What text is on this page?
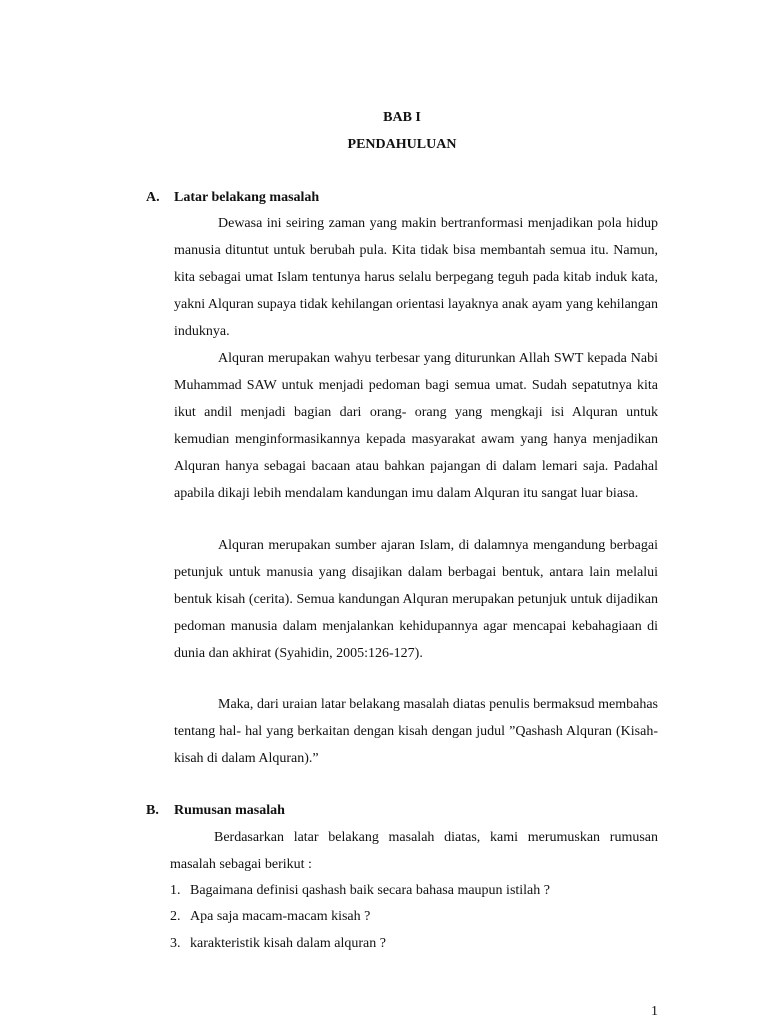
BAB I
PENDAHULUAN
A. Latar belakang masalah

Dewasa ini seiring zaman yang makin bertranformasi menjadikan pola hidup manusia dituntut untuk berubah pula. Kita tidak bisa membantah semua itu. Namun, kita sebagai umat Islam tentunya harus selalu berpegang teguh pada kitab induk kata, yakni Alquran supaya tidak kehilangan orientasi layaknya anak ayam yang kehilangan induknya.

Alquran merupakan wahyu terbesar yang diturunkan Allah SWT kepada Nabi Muhammad SAW untuk menjadi pedoman bagi semua umat. Sudah sepatutnya kita ikut andil menjadi bagian dari orang- orang yang mengkaji isi Alquran untuk kemudian menginformasikannya kepada masyarakat awam yang hanya menjadikan Alquran hanya sebagai bacaan atau bahkan pajangan di dalam lemari saja. Padahal apabila dikaji lebih mendalam kandungan imu dalam Alquran itu sangat luar biasa.

Alquran merupakan sumber ajaran Islam, di dalamnya mengandung berbagai petunjuk untuk manusia yang disajikan dalam berbagai bentuk, antara lain melalui bentuk kisah (cerita). Semua kandungan Alquran merupakan petunjuk untuk dijadikan pedoman manusia dalam menjalankan kehidupannya agar mencapai kebahagiaan di dunia dan akhirat (Syahidin, 2005:126-127).

Maka, dari uraian latar belakang masalah diatas penulis bermaksud membahas tentang hal- hal yang berkaitan dengan kisah dengan judul ”Qashash Alquran (Kisah- kisah di dalam Alquran).”

B. Rumusan masalah

Berdasarkan latar belakang masalah diatas, kami merumuskan rumusan masalah sebagai berikut :

1. Bagaimana definisi qashash baik secara bahasa maupun istilah ?
2. Apa saja macam-macam kisah ?
3. karakteristik kisah dalam alquran ?
1
